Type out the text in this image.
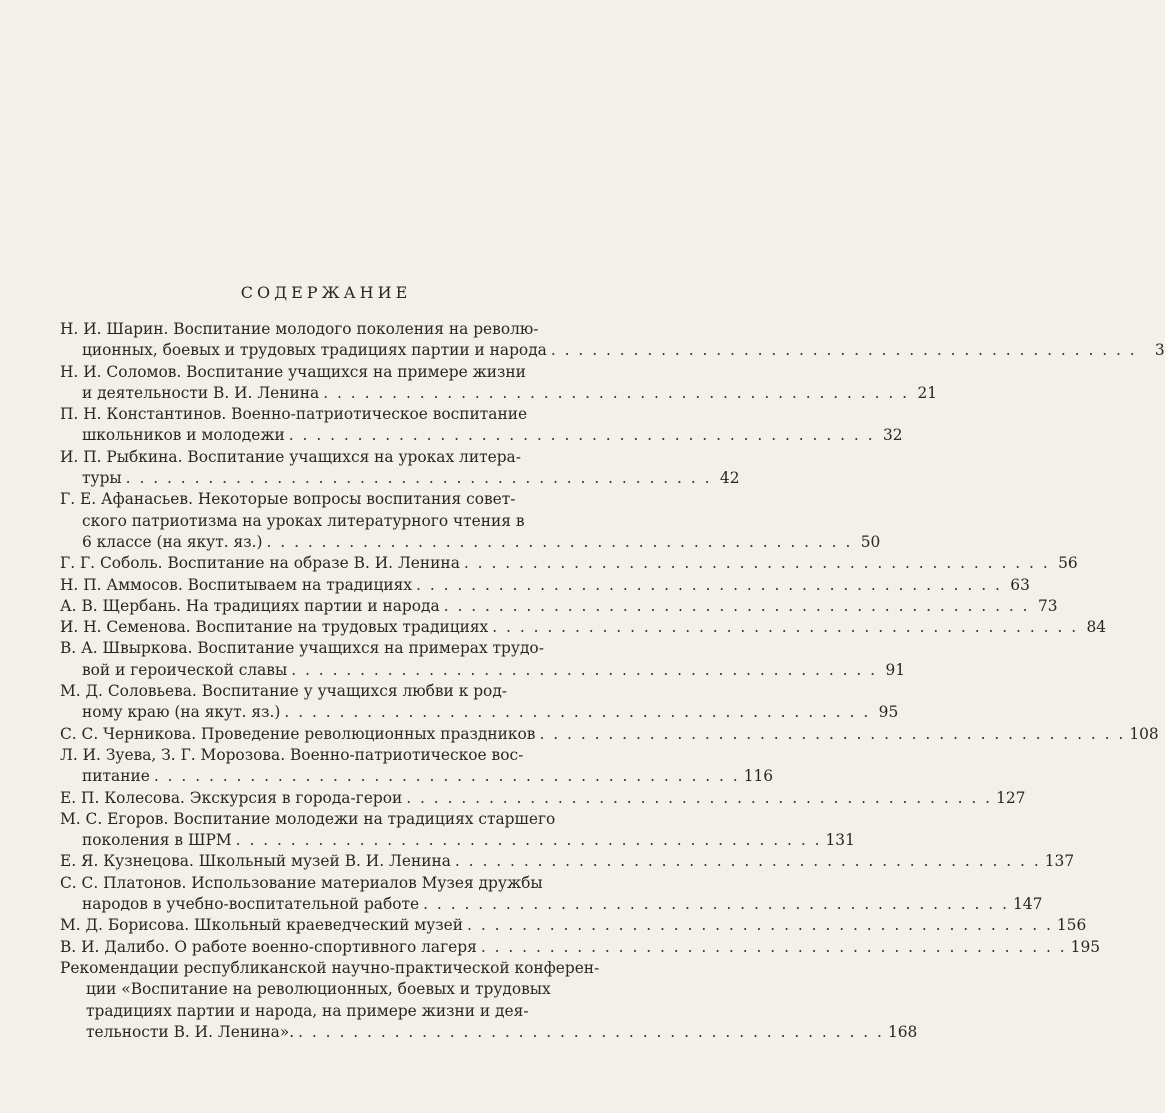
СОДЕРЖАНИЕ
Н. И. Шарин. Воспитание молодого поколения на револю-
ционных, боевых и трудовых традициях партии и народа . . .	3
Н. И. Соломов. Воспитание учащихся на примере жизни
и деятельности В. И. Ленина . . .	21
П. Н. Константинов. Военно-патриотическое воспитание
школьников и молодежи . . .	32
И. П. Рыбкина. Воспитание учащихся на уроках литера-
туры . . .	42
Г. Е. Афанасьев. Некоторые вопросы воспитания совет-
ского патриотизма на уроках литературного чтения в
6 классе (на якут. яз.) . . .	50
Г. Г. Соболь. Воспитание на образе В. И. Ленина . . .	56
Н. П. Аммосов. Воспитываем на традициях . . .	63
А. В. Щербань. На традициях партии и народа . . .	73
И. Н. Семенова. Воспитание на трудовых традициях . . .	84
В. А. Швыркова. Воспитание учащихся на примерах трудо-
вой и героической славы . . .	91
М. Д. Соловьева. Воспитание у учащихся любви к род-
ному краю (на якут. яз.) . . .	95
С. С. Черникова. Проведение революционных праздников . . .	108
Л. И. Зуева, З. Г. Морозова. Военно-патриотическое вос-
питание . . .	116
Е. П. Колесова. Экскурсия в города-герои . . .	127
М. С. Егоров. Воспитание молодежи на традициях старшего
поколения в ШРМ . . .	131
Е. Я. Кузнецова. Школьный музей В. И. Ленина . . .	137
С. С. Платонов. Использование материалов Музея дружбы
народов в учебно-воспитательной работе . . .	147
М. Д. Борисова. Школьный краеведческий музей . . .	156
В. И. Далибо. О работе военно-спортивного лагеря . . .	195
Рекомендации республиканской научно-практической конферен-
ции «Воспитание на революционных, боевых и трудовых
традициях партии и народа, на примере жизни и дея-
тельности В. И. Ленина». . . .	168
